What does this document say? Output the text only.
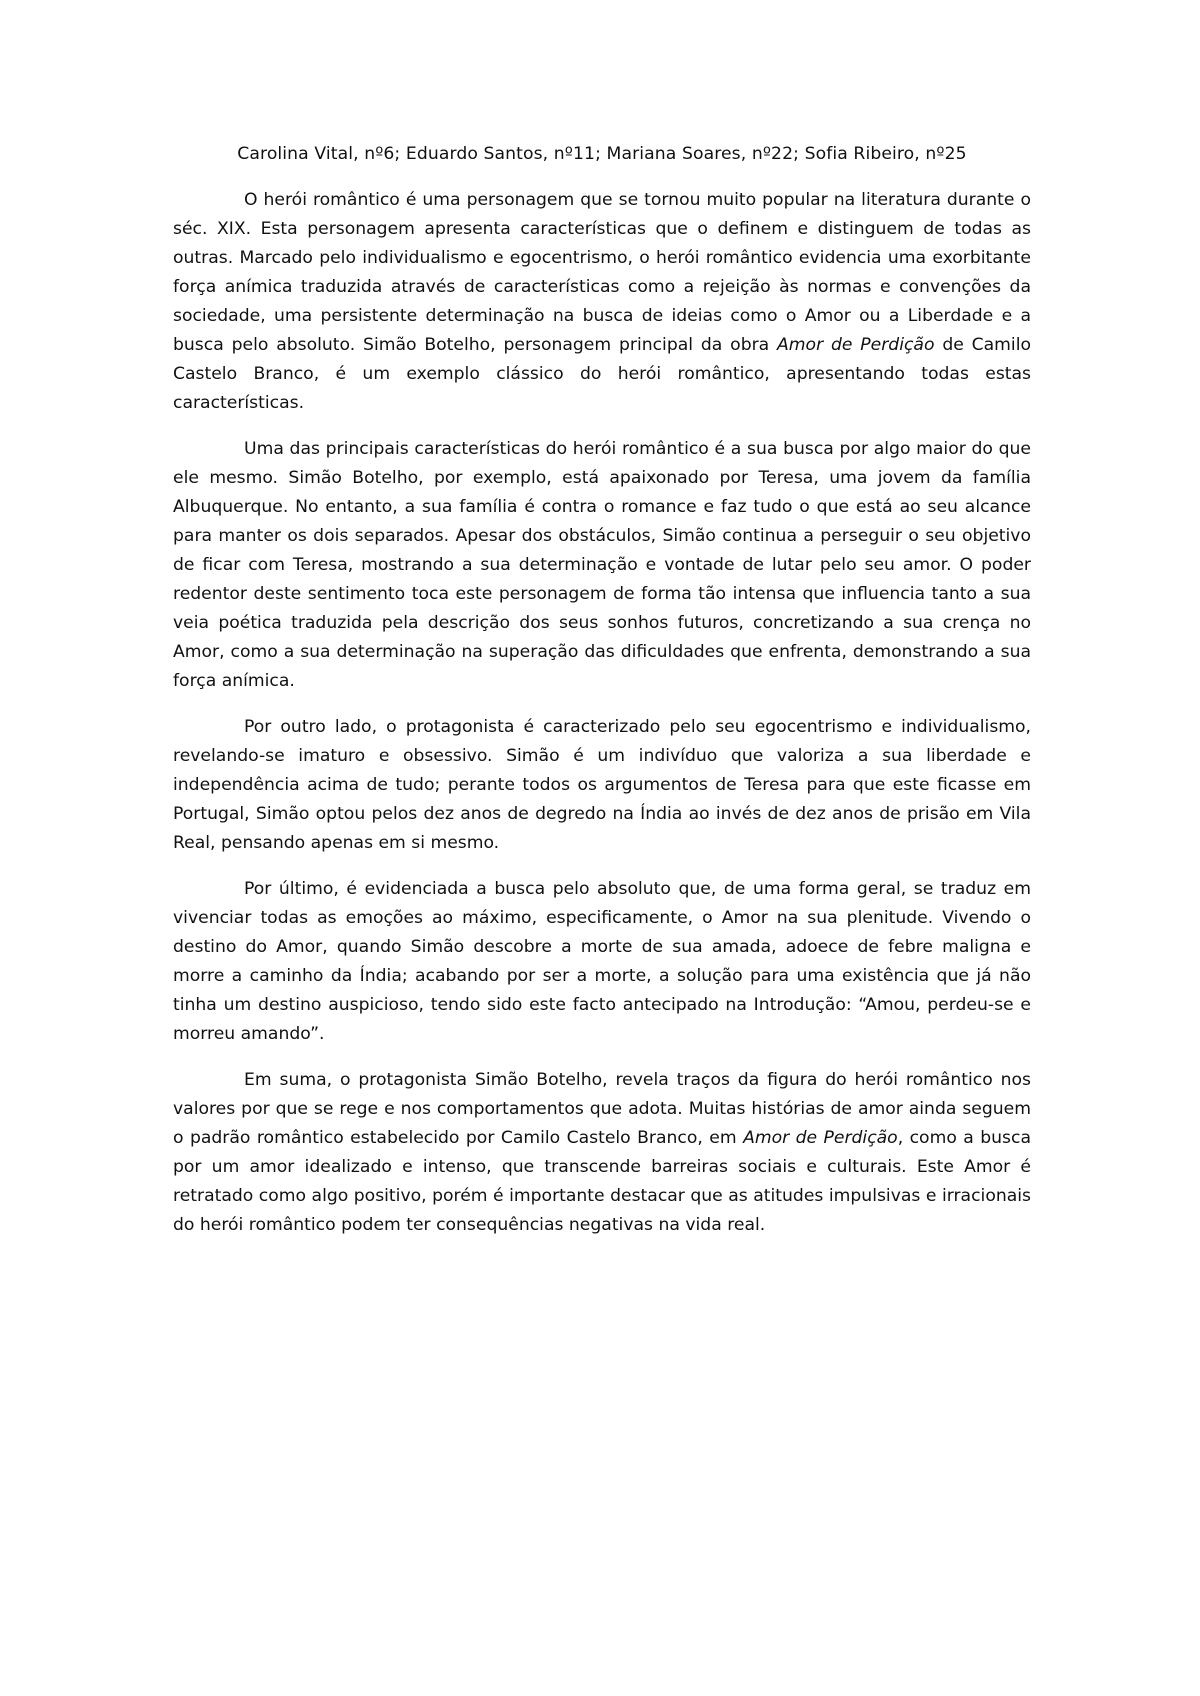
Carolina Vital, nº6; Eduardo Santos, nº11; Mariana Soares, nº22; Sofia Ribeiro, nº25

O herói romântico é uma personagem que se tornou muito popular na literatura durante o séc. XIX. Esta personagem apresenta características que o definem e distinguem de todas as outras. Marcado pelo individualismo e egocentrismo, o herói romântico evidencia uma exorbitante força anímica traduzida através de características como a rejeição às normas e convenções da sociedade, uma persistente determinação na busca de ideias como o Amor ou a Liberdade e a busca pelo absoluto. Simão Botelho, personagem principal da obra Amor de Perdição de Camilo Castelo Branco, é um exemplo clássico do herói romântico, apresentando todas estas características.

Uma das principais características do herói romântico é a sua busca por algo maior do que ele mesmo. Simão Botelho, por exemplo, está apaixonado por Teresa, uma jovem da família Albuquerque. No entanto, a sua família é contra o romance e faz tudo o que está ao seu alcance para manter os dois separados. Apesar dos obstáculos, Simão continua a perseguir o seu objetivo de ficar com Teresa, mostrando a sua determinação e vontade de lutar pelo seu amor. O poder redentor deste sentimento toca este personagem de forma tão intensa que influencia tanto a sua veia poética traduzida pela descrição dos seus sonhos futuros, concretizando a sua crença no Amor, como a sua determinação na superação das dificuldades que enfrenta, demonstrando a sua força anímica.

Por outro lado, o protagonista é caracterizado pelo seu egocentrismo e individualismo, revelando-se imaturo e obsessivo. Simão é um indivíduo que valoriza a sua liberdade e independência acima de tudo; perante todos os argumentos de Teresa para que este ficasse em Portugal, Simão optou pelos dez anos de degredo na Índia ao invés de dez anos de prisão em Vila Real, pensando apenas em si mesmo.

Por último, é evidenciada a busca pelo absoluto que, de uma forma geral, se traduz em vivenciar todas as emoções ao máximo, especificamente, o Amor na sua plenitude. Vivendo o destino do Amor, quando Simão descobre a morte de sua amada, adoece de febre maligna e morre a caminho da Índia; acabando por ser a morte, a solução para uma existência que já não tinha um destino auspicioso, tendo sido este facto antecipado na Introdução: “Amou, perdeu-se e morreu amando”.

Em suma, o protagonista Simão Botelho, revela traços da figura do herói romântico nos valores por que se rege e nos comportamentos que adota. Muitas histórias de amor ainda seguem o padrão romântico estabelecido por Camilo Castelo Branco, em Amor de Perdição, como a busca por um amor idealizado e intenso, que transcende barreiras sociais e culturais. Este Amor é retratado como algo positivo, porém é importante destacar que as atitudes impulsivas e irracionais do herói romântico podem ter consequências negativas na vida real.
